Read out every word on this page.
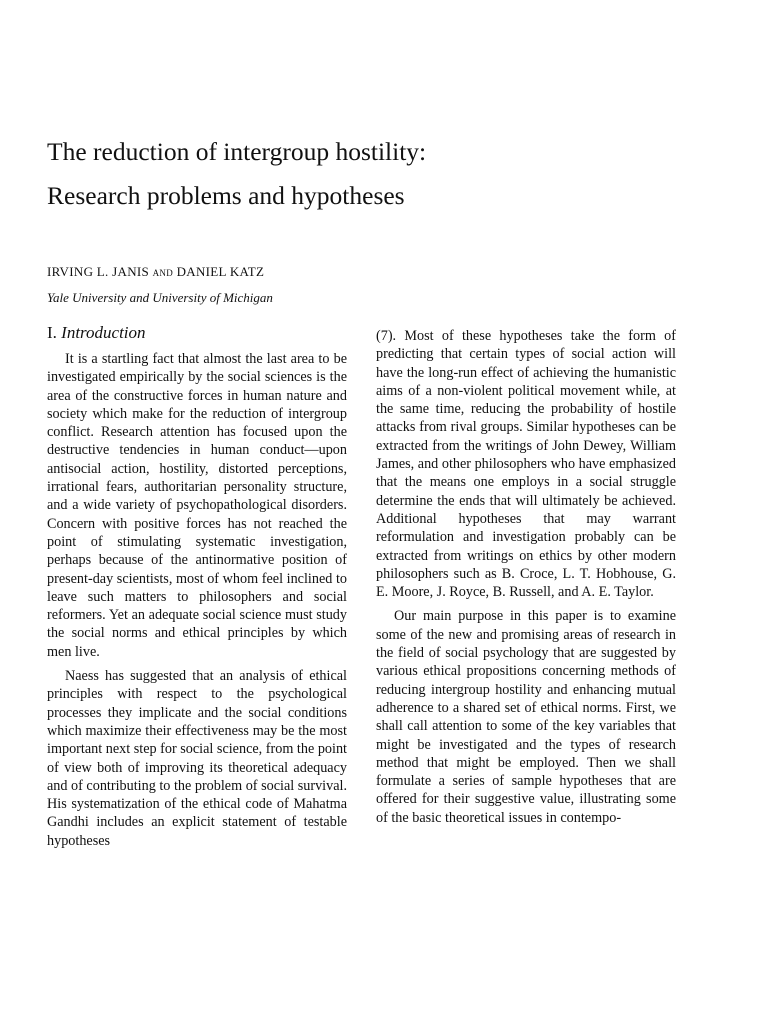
The reduction of intergroup hostility:
Research problems and hypotheses
IRVING L. JANIS and DANIEL KATZ
Yale University and University of Michigan
I. Introduction

It is a startling fact that almost the last area to be investigated empirically by the social sciences is the area of the constructive forces in human nature and society which make for the reduction of intergroup conflict. Research attention has focused upon the destructive tendencies in human conduct—upon antisocial action, hostility, distorted perceptions, irrational fears, authoritarian personality structure, and a wide variety of psychopathological disorders. Concern with positive forces has not reached the point of stimulating systematic investigation, perhaps because of the antinormative position of present-day scientists, most of whom feel inclined to leave such matters to philosophers and social reformers. Yet an adequate social science must study the social norms and ethical principles by which men live.

Naess has suggested that an analysis of ethical principles with respect to the psychological processes they implicate and the social conditions which maximize their effectiveness may be the most important next step for social science, from the point of view both of improving its theoretical adequacy and of contributing to the problem of social survival. His systematization of the ethical code of Mahatma Gandhi includes an explicit statement of testable hypotheses

(7). Most of these hypotheses take the form of predicting that certain types of social action will have the long-run effect of achieving the humanistic aims of a non-violent political movement while, at the same time, reducing the probability of hostile attacks from rival groups. Similar hypotheses can be extracted from the writings of John Dewey, William James, and other philosophers who have emphasized that the means one employs in a social struggle determine the ends that will ultimately be achieved. Additional hypotheses that may warrant reformulation and investigation probably can be extracted from writings on ethics by other modern philosophers such as B. Croce, L. T. Hobhouse, G. E. Moore, J. Royce, B. Russell, and A. E. Taylor.

Our main purpose in this paper is to examine some of the new and promising areas of research in the field of social psychology that are suggested by various ethical propositions concerning methods of reducing intergroup hostility and enhancing mutual adherence to a shared set of ethical norms. First, we shall call attention to some of the key variables that might be investigated and the types of research method that might be employed. Then we shall formulate a series of sample hypotheses that are offered for their suggestive value, illustrating some of the basic theoretical issues in contempo-
